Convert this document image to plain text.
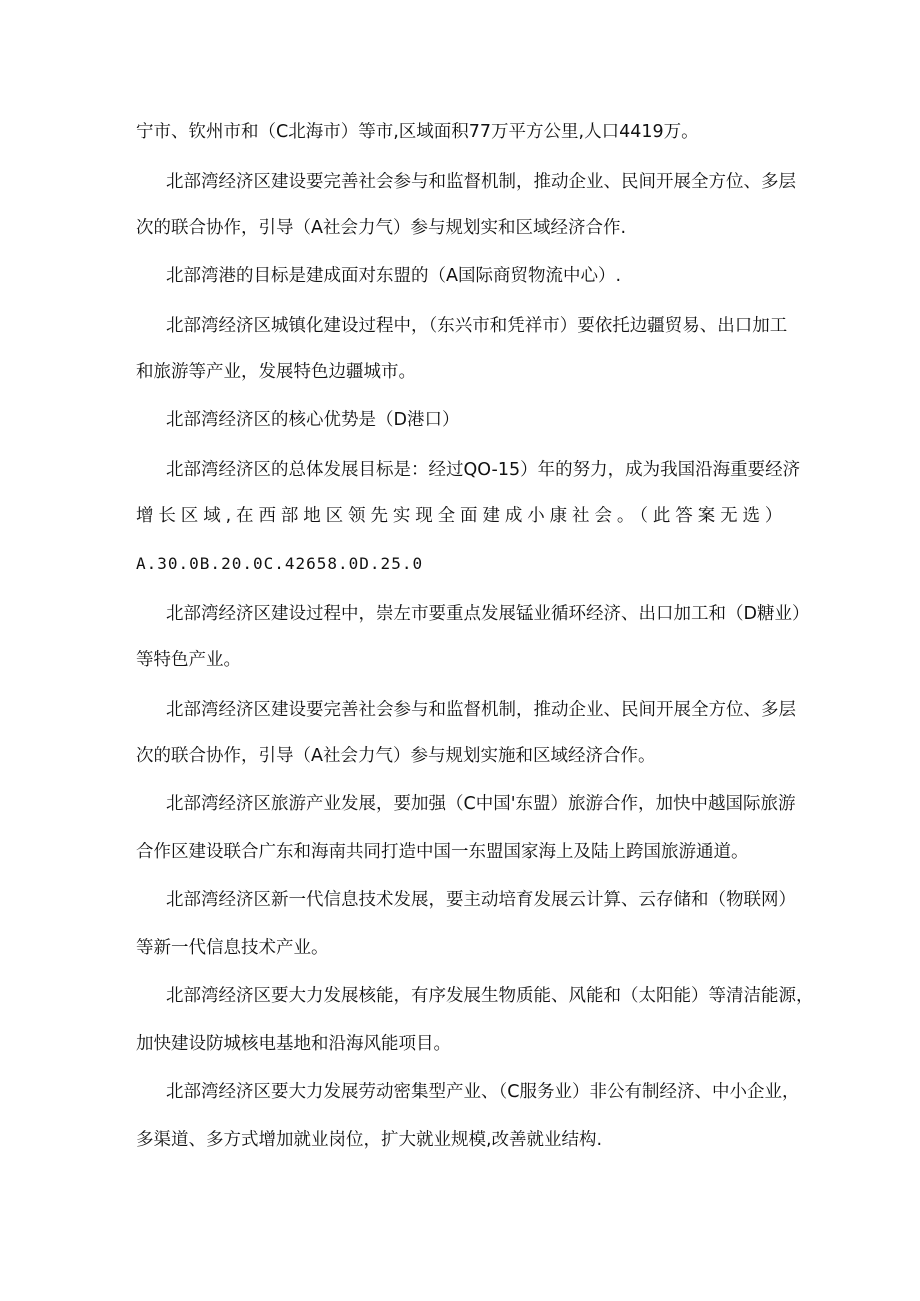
宁市、钦州市和（C北海市）等市,区域面积77万平方公里,人口4419万。
北部湾经济区建设要完善社会参与和监督机制，推动企业、民间开展全方位、多层
次的联合协作，引导（A社会力气）参与规划实和区域经济合作.
北部湾港的目标是建成面对东盟的（A国际商贸物流中心）.
北部湾经济区城镇化建设过程中，（东兴市和凭祥市）要依托边疆贸易、出口加工
和旅游等产业，发展特色边疆城市。
北部湾经济区的核心优势是（D港口）
北部湾经济区的总体发展目标是：经过QO-15）年的努力，成为我国沿海重要经济
增长区域,在西部地区领先实现全面建成小康社会。（此答案无选）
A.30.0B.20.0C.42658.0D.25.0
北部湾经济区建设过程中，崇左市要重点发展锰业循环经济、出口加工和（D糖业）
等特色产业。
北部湾经济区建设要完善社会参与和监督机制，推动企业、民间开展全方位、多层
次的联合协作，引导（A社会力气）参与规划实施和区域经济合作。
北部湾经济区旅游产业发展，要加强（C中国'东盟）旅游合作，加快中越国际旅游
合作区建设联合广东和海南共同打造中国一东盟国家海上及陆上跨国旅游通道。
北部湾经济区新一代信息技术发展，要主动培育发展云计算、云存储和（物联网）
等新一代信息技术产业。
北部湾经济区要大力发展核能，有序发展生物质能、风能和（太阳能）等清洁能源，
加快建设防城核电基地和沿海风能项目。
北部湾经济区要大力发展劳动密集型产业、（C服务业）非公有制经济、中小企业，
多渠道、多方式增加就业岗位，扩大就业规模,改善就业结构.
